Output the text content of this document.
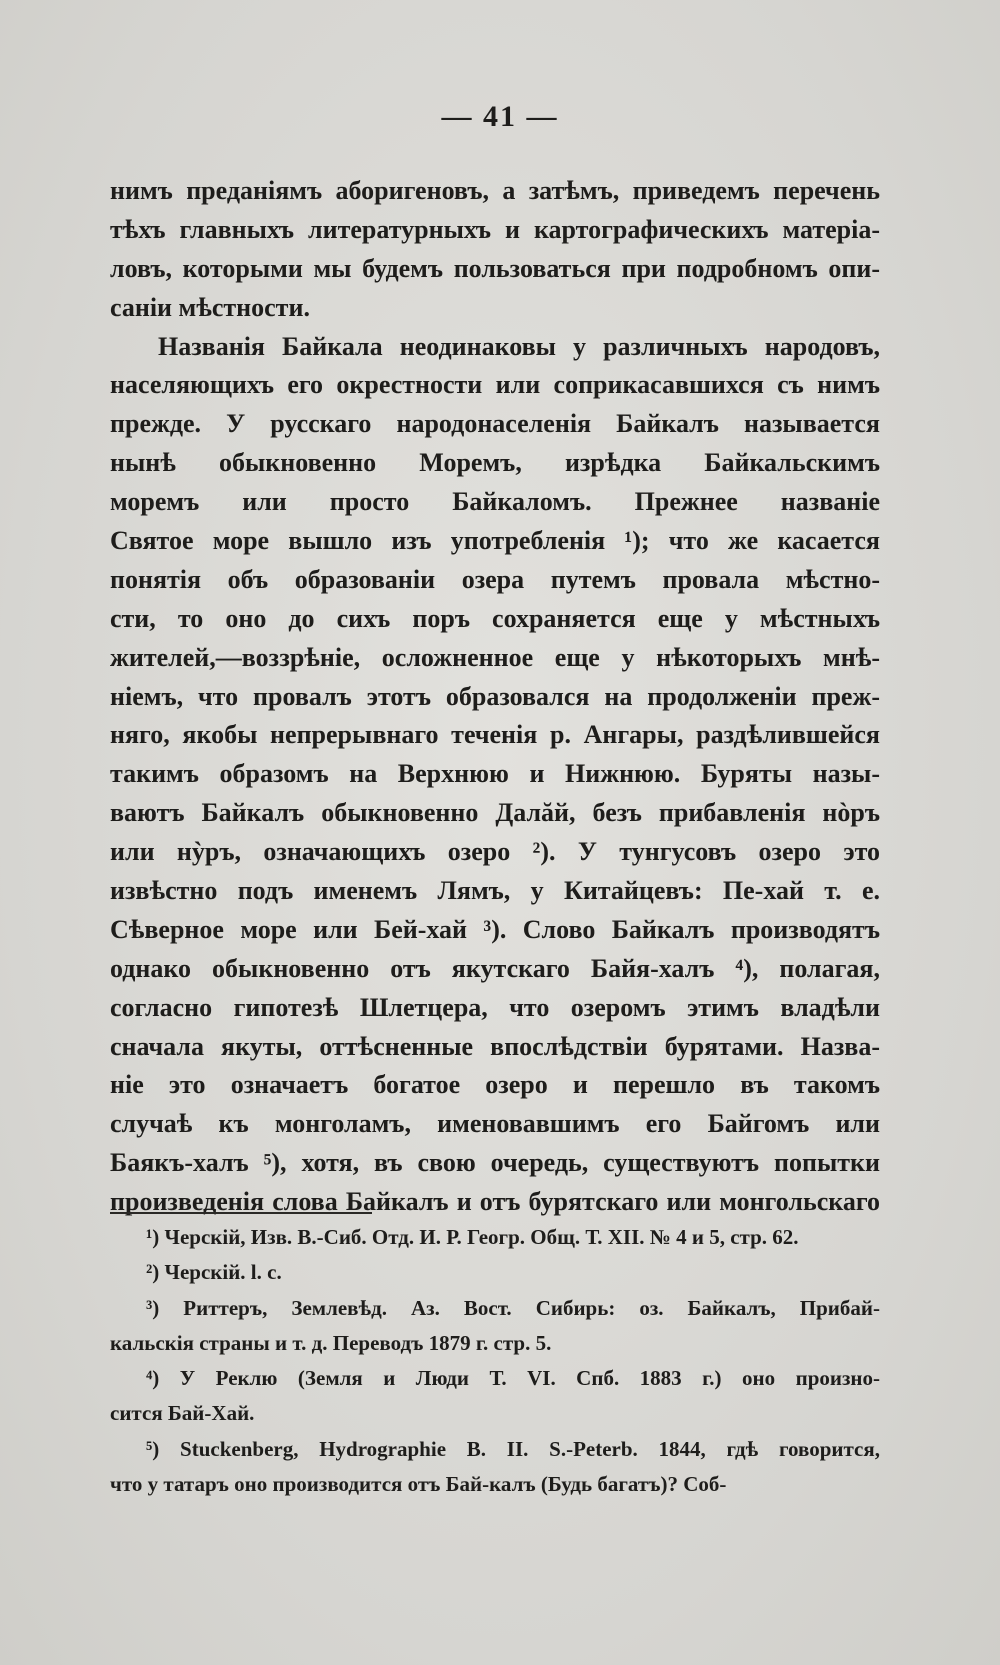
— 41 —
нимъ преданіямъ аборигеновъ, а затѣмъ, приведемъ перечень
тѣхъ главныхъ литературныхъ и картографическихъ матеріа-
ловъ, которыми мы будемъ пользоваться при подробномъ опи-
саніи мѣстности.
Названія Байкала неодинаковы у различныхъ народовъ,
населяющихъ его окрестности или соприкасавшихся съ нимъ
прежде. У русскаго народонаселенія Байкалъ называется
нынѣ обыкновенно Моремъ, изрѣдка Байкальскимъ
моремъ или просто Байкаломъ. Прежнее названіе
Святое море вышло изъ употребленія ¹); что же касается
понятія объ образованіи озера путемъ провала мѣстно-
сти, то оно до сихъ поръ сохраняется еще у мѣстныхъ
жителей,—воззрѣніе, осложненное еще у нѣкоторыхъ мнѣ-
ніемъ, что провалъ этотъ образовался на продолженіи преж-
няго, якобы непрерывнаго теченія р. Ангары, раздѣлившейся
такимъ образомъ на Верхнюю и Нижнюю. Буряты назы-
ваютъ Байкалъ обыкновенно Далăй, безъ прибавленія нòръ
или нỳръ, означающихъ озеро ²). У тунгусовъ озеро это
извѣстно подъ именемъ Лямъ, у Китайцевъ: Пе-хай т. е.
Сѣверное море или Бей-хай ³). Слово Байкалъ производятъ
однако обыкновенно отъ якутскаго Байя-халъ ⁴), полагая,
согласно гипотезѣ Шлетцера, что озеромъ этимъ владѣли
сначала якуты, оттѣсненные впослѣдствіи бурятами. Назва-
ніе это означаетъ богатое озеро и перешло въ такомъ
случаѣ къ монголамъ, именовавшимъ его Байгомъ или
Баякъ-халъ ⁵), хотя, въ свою очередь, существуютъ попытки
произведенія слова Байкалъ и отъ бурятскаго или монгольскаго
¹) Черскій, Изв. В.-Сиб. Отд. И. Р. Геогр. Общ. Т. XII. № 4 и 5, стр. 62.
²) Черскій. l. c.
³) Риттеръ, Землевѣд. Аз. Вост. Сибирь: оз. Байкалъ, Прибай-
кальскія страны и т. д. Переводъ 1879 г. стр. 5.
⁴) У Реклю (Земля и Люди Т. VI. Спб. 1883 г.) оно произно-
сится Бай-Хай.
⁵) Stuckenberg, Hydrographie B. II. S.-Peterb. 1844, гдѣ говорится,
что у татаръ оно производится отъ Бай-калъ (Будь багатъ)? Соб-
